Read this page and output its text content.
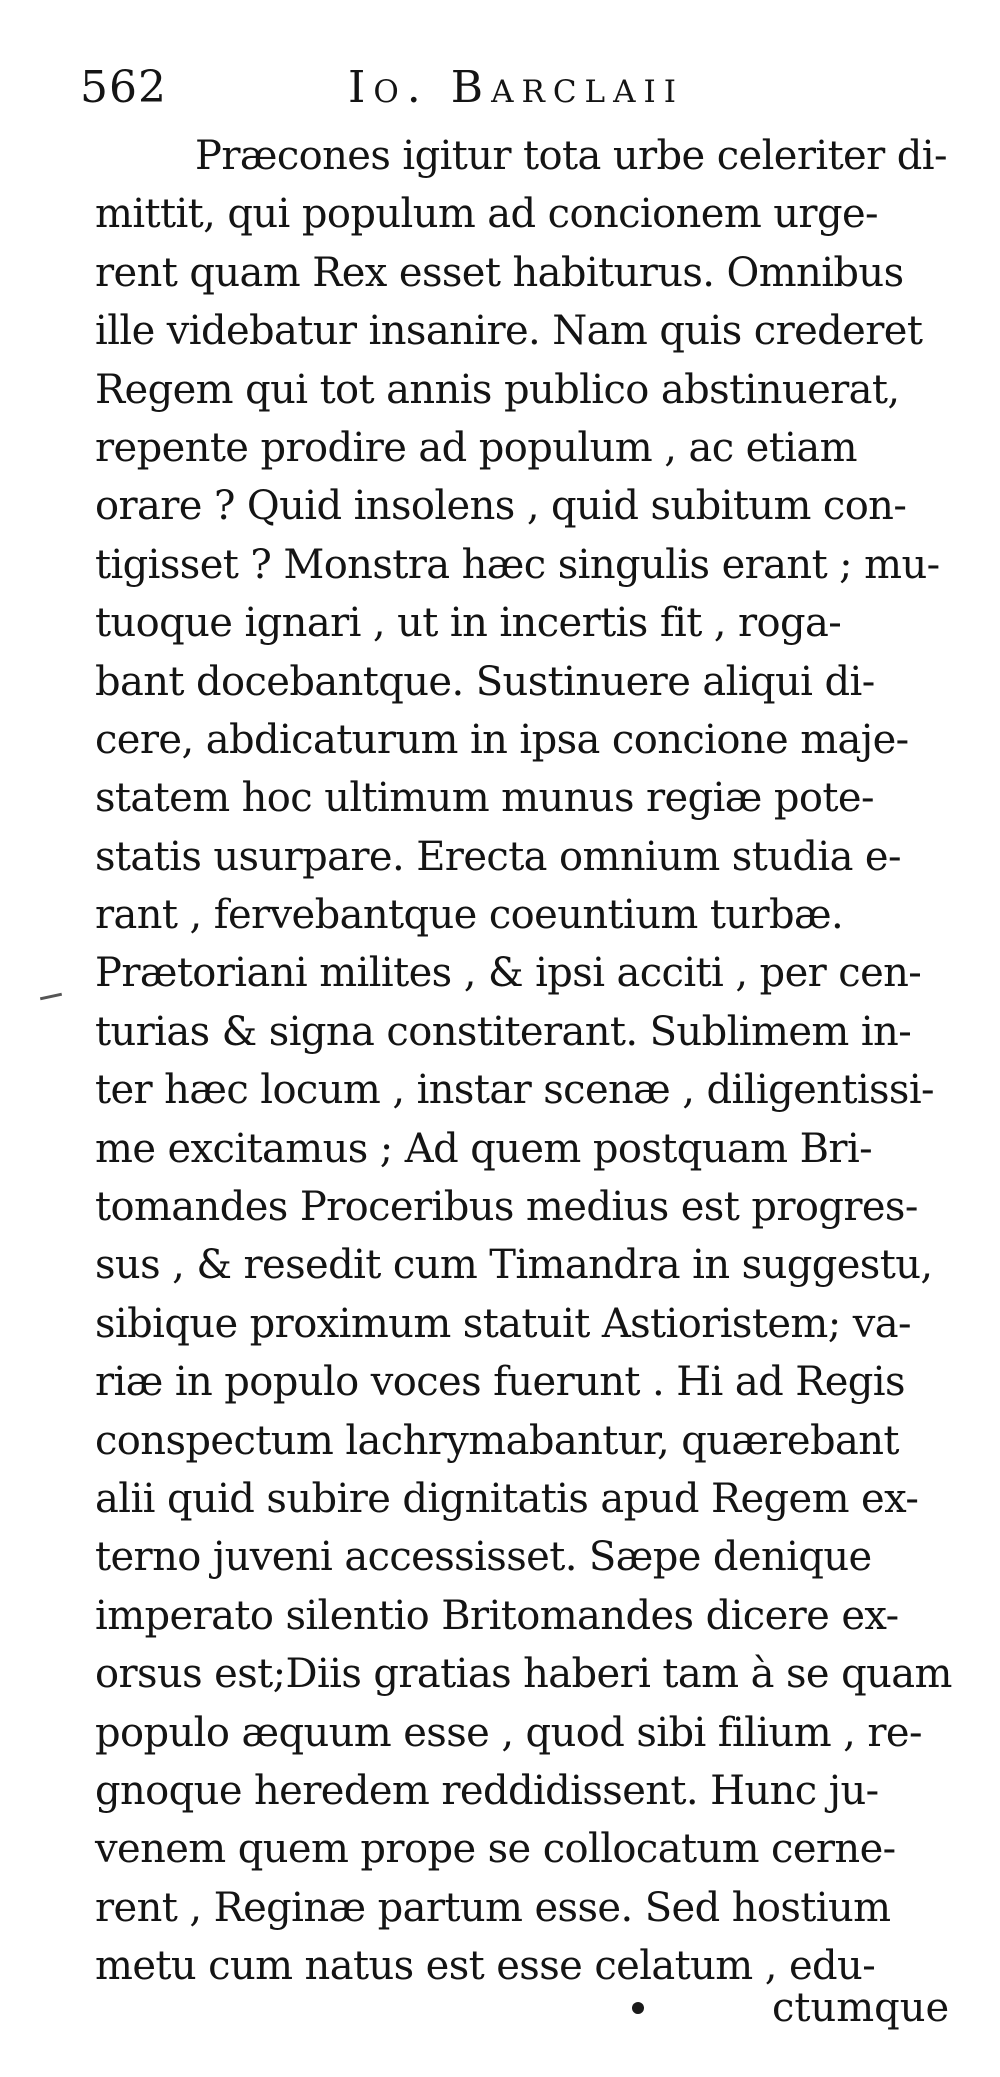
562	Io. Barclaii
Præcones igitur tota urbe celeriter di-
mittit, qui populum ad concionem urge-
rent quam Rex esset habiturus. Omnibus
ille videbatur insanire. Nam quis crederet
Regem qui tot annis publico abstinuerat,
repente prodire ad populum , ac etiam
orare ? Quid insolens , quid subitum con-
tigisset ? Monstra hæc singulis erant ; mu-
tuoque ignari , ut in incertis fit , roga-
bant docebantque. Sustinuere aliqui di-
cere, abdicaturum in ipsa concione maje-
statem hoc ultimum munus regiæ pote-
statis usurpare. Erecta omnium studia e-
rant , fervebantque coeuntium turbæ.
Prætoriani milites , & ipsi acciti , per cen-
turias & signa constiterant. Sublimem in-
ter hæc locum , instar scenæ , diligentissi-
me excitamus ; Ad quem postquam Bri-
tomandes Proceribus medius est progres-
sus , & resedit cum Timandra in suggestu,
sibique proximum statuit Astioristem; va-
riæ in populo voces fuerunt . Hi ad Regis
conspectum lachrymabantur, quærebant
alii quid subire dignitatis apud Regem ex-
terno juveni accessisset. Sæpe denique
imperato silentio Britomandes dicere ex-
orsus est;Diis gratias haberi tam à se quam
populo æquum esse , quod sibi filium , re-
gnoque heredem reddidissent. Hunc ju-
venem quem prope se collocatum cerne-
rent , Reginæ partum esse. Sed hostium
metu cum natus est esse celatum , edu-
ctumque
